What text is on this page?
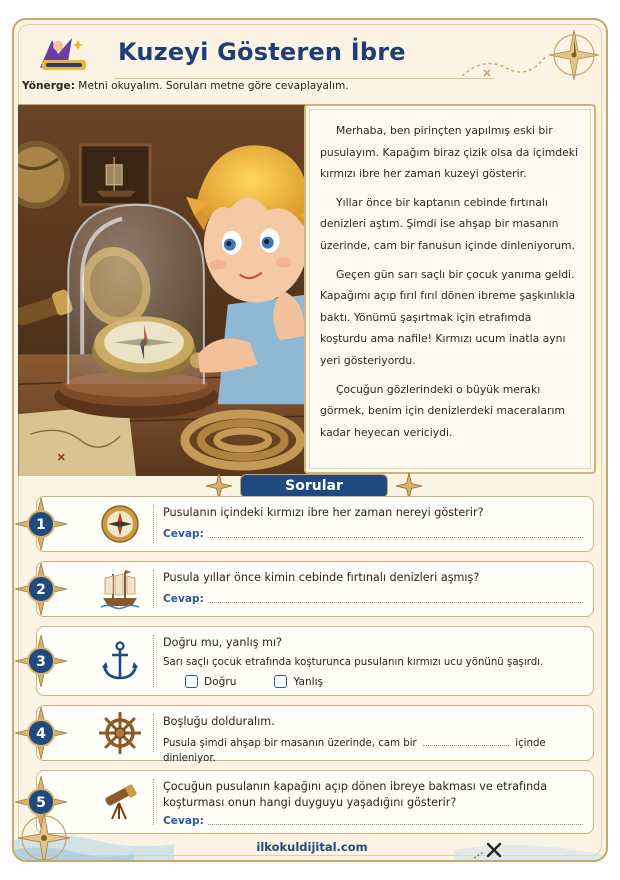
Kuzeyi Gösteren İbre
Yönerge: Metni okuyalım. Soruları metne göre cevaplayalım.

Merhaba, ben pirinçten yapılmış eski bir pusulayım. Kapağım biraz çizik olsa da içimdeki kırmızı ibre her zaman kuzeyi gösterir.

Yıllar önce bir kaptanın cebinde fırtınalı denizleri aştım. Şimdi ise ahşap bir masanın üzerinde, cam bir fanusun içinde dinleniyorum.

Geçen gün sarı saçlı bir çocuk yanıma geldi. Kapağımı açıp fırıl fırıl dönen ibreme şaşkınlıkla baktı. Yönümü şaşırtmak için etrafımda koşturdu ama nafile! Kırmızı ucum inatla aynı yeri gösteriyordu.

Çocuğun gözlerindeki o büyük merakı görmek, benim için denizlerdeki maceralarım kadar heyecan vericiydi.

Sorular
1
Pusulanın içindeki kırmızı ibre her zaman nereyi gösterir?
Cevap:
2
Pusula yıllar önce kimin cebinde fırtınalı denizleri aşmış?
Cevap:
3
Doğru mu, yanlış mı?
Sarı saçlı çocuk etrafında koşturunca pusulanın kırmızı ucu yönünü şaşırdı.
Doğru	Yanlış
4
Boşluğu dolduralım.
Pusula şimdi ahşap bir masanın üzerinde, cam bir	içinde dinleniyor.
5
Çocuğun pusulanın kapağını açıp dönen ibreye bakması ve etrafında koşturması onun hangi duyguyu yaşadığını gösterir?
Cevap:
ilkokuldijital.com
